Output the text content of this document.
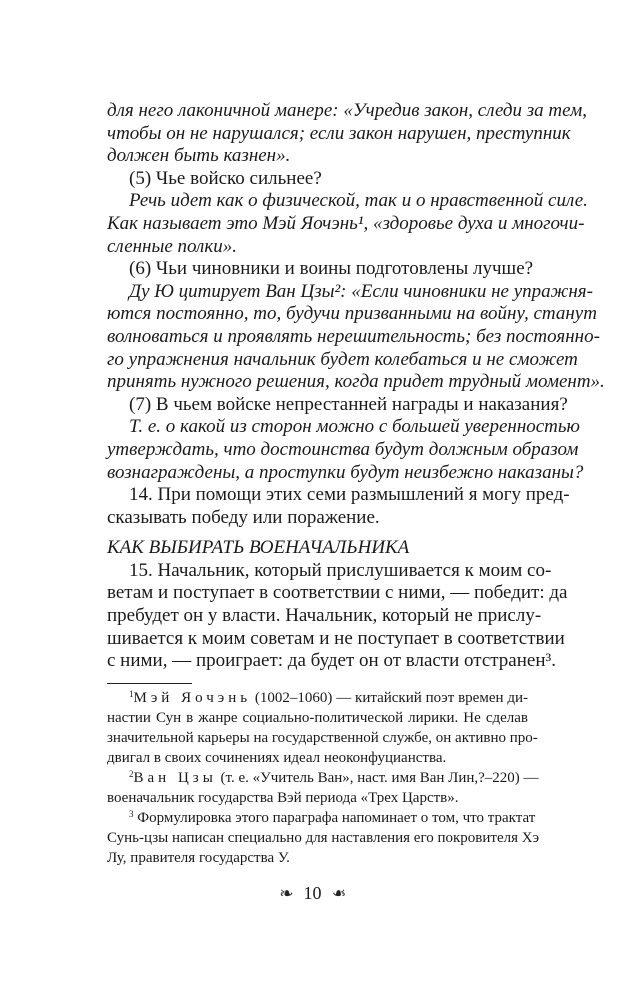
для него лаконичной манере: «Учредив закон, следи за тем,
чтобы он не нарушался; если закон нарушен, преступник
должен быть казнен».
(5) Чье войско сильнее?
Речь идет как о физической, так и о нравственной силе.
Как называет это Мэй Яочэнь¹, «здоровье духа и многочи-
сленные полки».
(6) Чьи чиновники и воины подготовлены лучше?
Ду Ю цитирует Ван Цзы²: «Если чиновники не упражня-
ются постоянно, то, будучи призванными на войну, станут
волноваться и проявлять нерешительность; без постоянно-
го упражнения начальник будет колебаться и не сможет
принять нужного решения, когда придет трудный момент».
(7) В чьем войске непрестанней награды и наказания?
Т. е. о какой из сторон можно с большей уверенностью
утверждать, что достоинства будут должным образом
вознаграждены, а проступки будут неизбежно наказаны?
14. При помощи этих семи размышлений я могу пред-
сказывать победу или поражение.
КАК ВЫБИРАТЬ ВОЕНАЧАЛЬНИКА
15. Начальник, который прислушивается к моим со-
ветам и поступает в соответствии с ними, — победит: да
пребудет он у власти. Начальник, который не прислу-
шивается к моим советам и не поступает в соответствии
с ними, — проиграет: да будет он от власти отстранен³.
$^1$Мэй Яочэнь (1002–1060) — китайский поэт времен ди-
настии Сун в жанре социально-политической лирики. Не сделав
значительной карьеры на государственной службе, он активно про-
двигал в своих сочинениях идеал неоконфуцианства.
$^2$Ван Цзы (т. е. «Учитель Ван», наст. имя Ван Лин,?–220) —
военачальник государства Вэй периода «Трех Царств».
$^3$ Формулировка этого параграфа напоминает о том, что трактат
Сунь-цзы написан специально для наставления его покровителя Хэ
Лу, правителя государства У.
❧ 10 ❧
